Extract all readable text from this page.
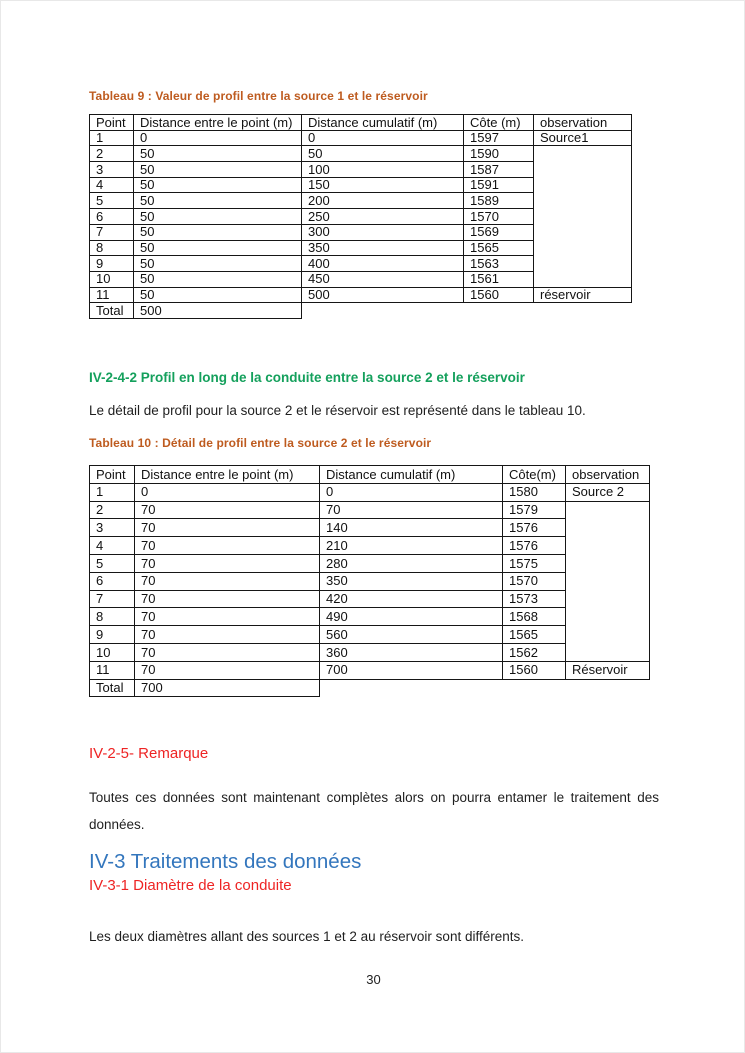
Tableau 9 : Valeur de profil entre la source 1 et le réservoir
Point	Distance entre le point (m)	Distance cumulatif (m)	Côte (m)	observation
1	0	0	1597	Source1
2	50	50	1590	
3	50	100	1587	
4	50	150	1591	
5	50	200	1589	
6	50	250	1570	
7	50	300	1569	
8	50	350	1565	
9	50	400	1563	
10	50	450	1561	
11	50	500	1560	réservoir
Total	500			
IV-2-4-2 Profil en long de la conduite entre la source 2 et le réservoir
Le détail de profil pour la source 2 et le réservoir est représenté dans le tableau 10.
Tableau 10 : Détail de profil entre la source 2 et le réservoir
Point	Distance entre le point (m)	Distance cumulatif (m)	Côte(m)	observation
1	0	0	1580	Source 2
2	70	70	1579	
3	70	140	1576	
4	70	210	1576	
5	70	280	1575	
6	70	350	1570	
7	70	420	1573	
8	70	490	1568	
9	70	560	1565	
10	70	360	1562	
11	70	700	1560	Réservoir
Total	700			
IV-2-5- Remarque
Toutes ces données sont maintenant complètes alors on pourra entamer le traitement des données.
IV-3 Traitements des données
IV-3-1 Diamètre de la conduite
Les deux diamètres allant des sources 1 et 2 au réservoir sont différents.
30
